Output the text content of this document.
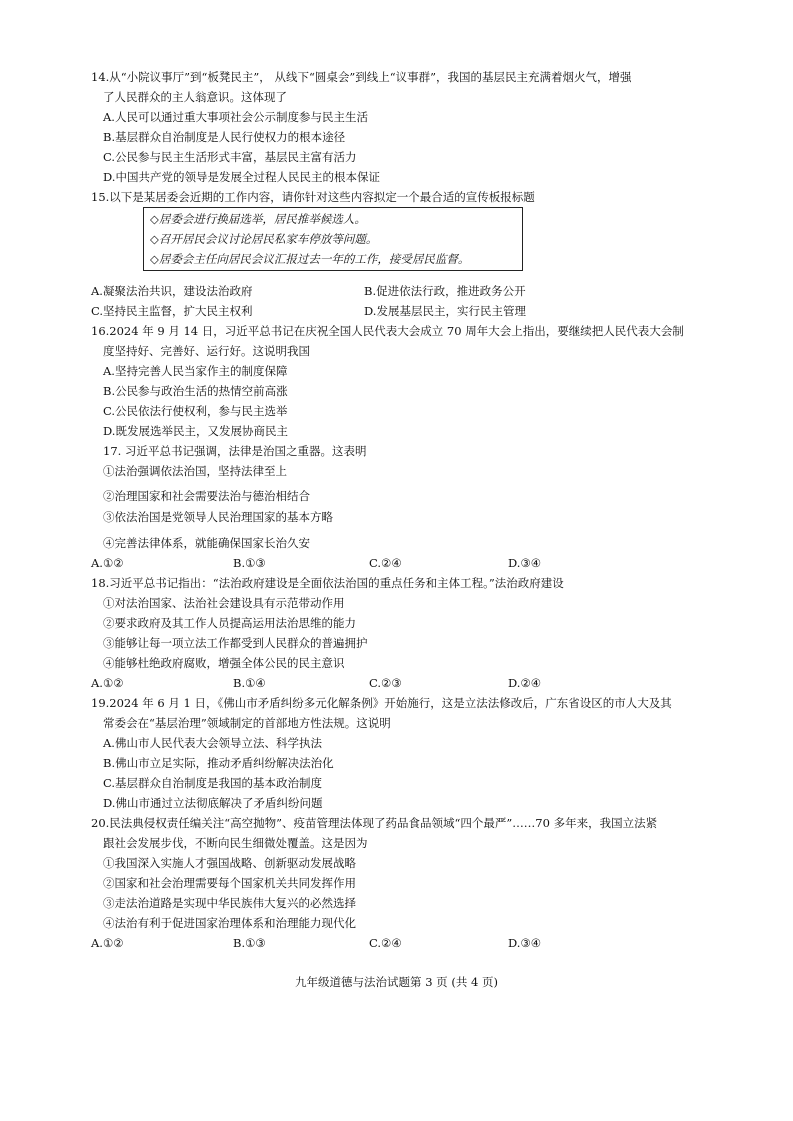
14.从“小院议事厅”到“板凳民主”， 从线下“圆桌会”到线上“议事群”，我国的基层民主充满着烟火气，增强
了人民群众的主人翁意识。这体现了
A.人民可以通过重大事项社会公示制度参与民主生活
B.基层群众自治制度是人民行使权力的根本途径
C.公民参与民主生活形式丰富，基层民主富有活力
D.中国共产党的领导是发展全过程人民民主的根本保证
15.以下是某居委会近期的工作内容，请你针对这些内容拟定一个最合适的宣传板报标题
◇居委会进行换届选举，居民推举候选人。
◇召开居民会议讨论居民私家车停放等问题。
◇居委会主任向居民会议汇报过去一年的工作，接受居民监督。
A.凝聚法治共识，建设法治政府	B.促进依法行政，推进政务公开
C.坚持民主监督，扩大民主权利	D.发展基层民主，实行民主管理
16.2024 年 9 月 14 日，习近平总书记在庆祝全国人民代表大会成立 70 周年大会上指出，要继续把人民代表大会制
度坚持好、完善好、运行好。这说明我国
A.坚持完善人民当家作主的制度保障
B.公民参与政治生活的热情空前高涨
C.公民依法行使权利，参与民主选举
D.既发展选举民主，又发展协商民主
17. 习近平总书记强调，法律是治国之重器。这表明
①法治强调依法治国，坚持法律至上
②治理国家和社会需要法治与德治相结合
③依法治国是党领导人民治理国家的基本方略
④完善法律体系，就能确保国家长治久安
A.①②	B.①③	C.②④	D.③④
18.习近平总书记指出：“法治政府建设是全面依法治国的重点任务和主体工程。”法治政府建设
①对法治国家、法治社会建设具有示范带动作用
②要求政府及其工作人员提高运用法治思维的能力
③能够让每一项立法工作都受到人民群众的普遍拥护
④能够杜绝政府腐败，增强全体公民的民主意识
A.①②	B.①④	C.②③	D.②④
19.2024 年 6 月 1 日，《佛山市矛盾纠纷多元化解条例》开始施行，这是立法法修改后，广东省设区的市人大及其
常委会在“基层治理”领域制定的首部地方性法规。这说明
A.佛山市人民代表大会领导立法、科学执法
B.佛山市立足实际，推动矛盾纠纷解决法治化
C.基层群众自治制度是我国的基本政治制度
D.佛山市通过立法彻底解决了矛盾纠纷问题
20.民法典侵权责任编关注“高空抛物”、疫苗管理法体现了药品食品领域“四个最严”……70 多年来，我国立法紧
跟社会发展步伐，不断向民生细微处覆盖。这是因为
①我国深入实施人才强国战略、创新驱动发展战略
②国家和社会治理需要每个国家机关共同发挥作用
③走法治道路是实现中华民族伟大复兴的必然选择
④法治有利于促进国家治理体系和治理能力现代化
A.①②	B.①③	C.②④	D.③④
九年级道德与法治试题第 3 页 (共 4 页)
